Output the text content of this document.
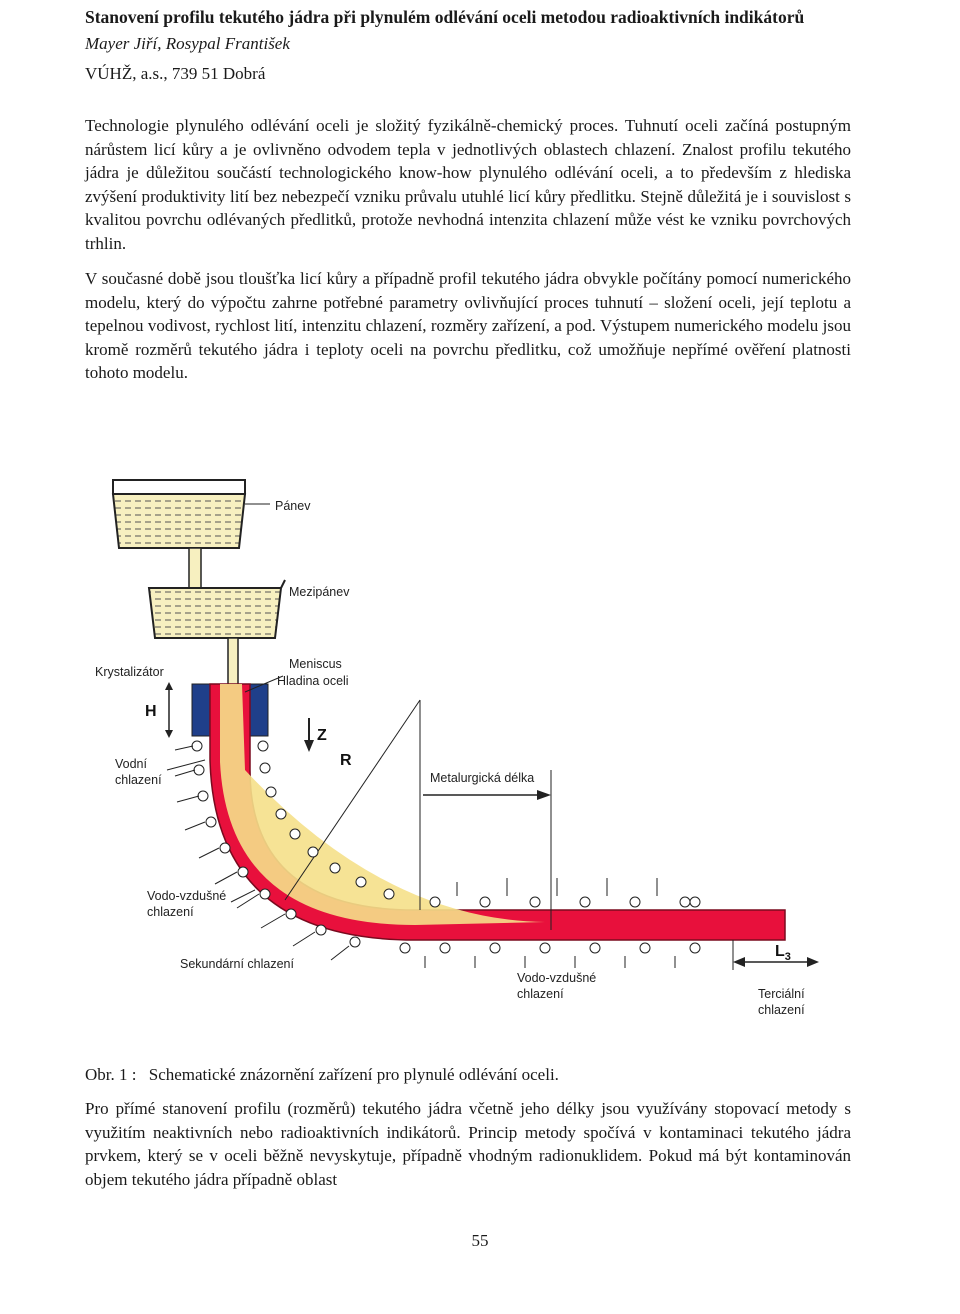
Stanovení profilu tekutého jádra při plynulém odlévání oceli metodou radioaktivních indikátorů
Mayer Jiří, Rosypal František
VÚHŽ, a.s., 739 51 Dobrá

Technologie plynulého odlévání oceli je složitý fyzikálně-chemický proces. Tuhnutí oceli začíná postupným nárůstem licí kůry a je ovlivněno odvodem tepla v jednotlivých oblastech chlazení. Znalost profilu tekutého jádra je důležitou součástí technologického know-how plynulého odlévání oceli, a to především z hlediska zvýšení produktivity lití bez nebezpečí vzniku průvalu utuhlé licí kůry předlitku. Stejně důležitá je i souvislost s kvalitou povrchu odlévaných předlitků, protože nevhodná intenzita chlazení může vést ke vzniku povrchových trhlin.

V současné době jsou tloušťka licí kůry a případně profil tekutého jádra obvykle počítány pomocí numerického modelu, který do výpočtu zahrne potřebné parametry ovlivňující proces tuhnutí – složení oceli, její teplotu a tepelnou vodivost, rychlost lití, intenzitu chlazení, rozměry zařízení, a pod. Výstupem numerického modelu jsou kromě rozměrů tekutého jádra i teploty oceli na povrchu předlitku, což umožňuje nepřímé ověření platnosti tohoto modelu.

Pánev
Mezipánev
Krystalizátor
H
Meniscus
Hladina oceli
Z
R
Metalurgická délka
Vodní
chlazení
Vodo-vzdušné
chlazení
Sekundární chlazení
Vodo-vzdušné
chlazení
$L_3$
Terciální
chlazení
Obr. 1 : Schematické znázornění zařízení pro plynulé odlévání oceli.

Pro přímé stanovení profilu (rozměrů) tekutého jádra včetně jeho délky jsou využívány stopovací metody s využitím neaktivních nebo radioaktivních indikátorů. Princip metody spočívá v kontaminaci tekutého jádra prvkem, který se v oceli běžně nevyskytuje, případně vhodným radionuklidem. Pokud má být kontaminován objem tekutého jádra případně oblast

55
